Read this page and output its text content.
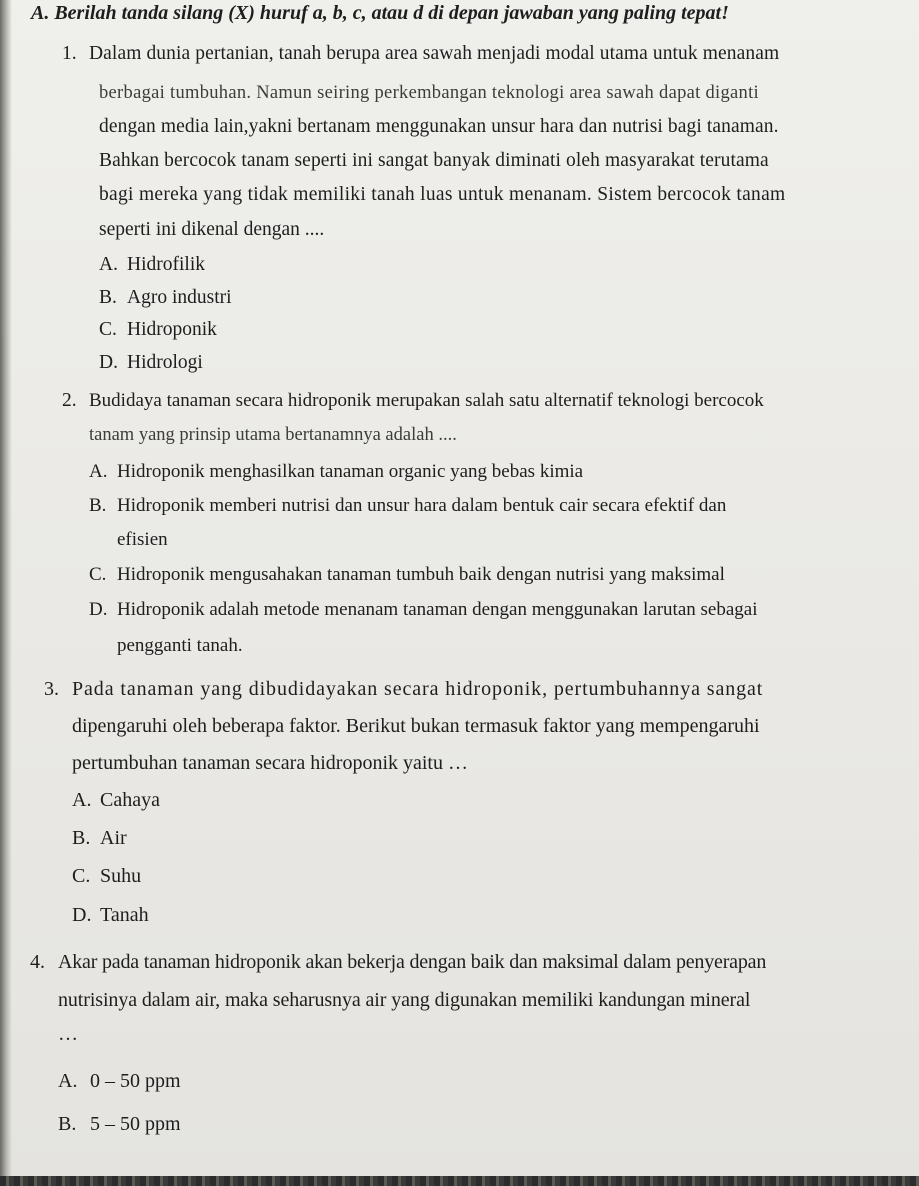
A. Berilah tanda silang (X) huruf a, b, c, atau d di depan jawaban yang paling tepat!
1. Dalam dunia pertanian, tanah berupa area sawah menjadi modal utama untuk menanam
berbagai tumbuhan. Namun seiring perkembangan teknologi area sawah dapat diganti
dengan media lain,yakni bertanam menggunakan unsur hara dan nutrisi bagi tanaman.
Bahkan bercocok tanam seperti ini sangat banyak diminati oleh masyarakat terutama
bagi mereka yang tidak memiliki tanah luas untuk menanam. Sistem bercocok tanam
seperti ini dikenal dengan ....
A. Hidrofilik
B. Agro industri
C. Hidroponik
D. Hidrologi
2. Budidaya tanaman secara hidroponik merupakan salah satu alternatif teknologi bercocok
tanam yang prinsip utama bertanamnya adalah ....
A. Hidroponik menghasilkan tanaman organic yang bebas kimia
B. Hidroponik memberi nutrisi dan unsur hara dalam bentuk cair secara efektif dan
efisien
C. Hidroponik mengusahakan tanaman tumbuh baik dengan nutrisi yang maksimal
D. Hidroponik adalah metode menanam tanaman dengan menggunakan larutan sebagai
pengganti tanah.
3. Pada tanaman yang dibudidayakan secara hidroponik, pertumbuhannya sangat
dipengaruhi oleh beberapa faktor. Berikut bukan termasuk faktor yang mempengaruhi
pertumbuhan tanaman secara hidroponik yaitu …
A. Cahaya
B. Air
C. Suhu
D. Tanah
4. Akar pada tanaman hidroponik akan bekerja dengan baik dan maksimal dalam penyerapan
nutrisinya dalam air, maka seharusnya air yang digunakan memiliki kandungan mineral
…
A. 0 – 50 ppm
B. 5 – 50 ppm
